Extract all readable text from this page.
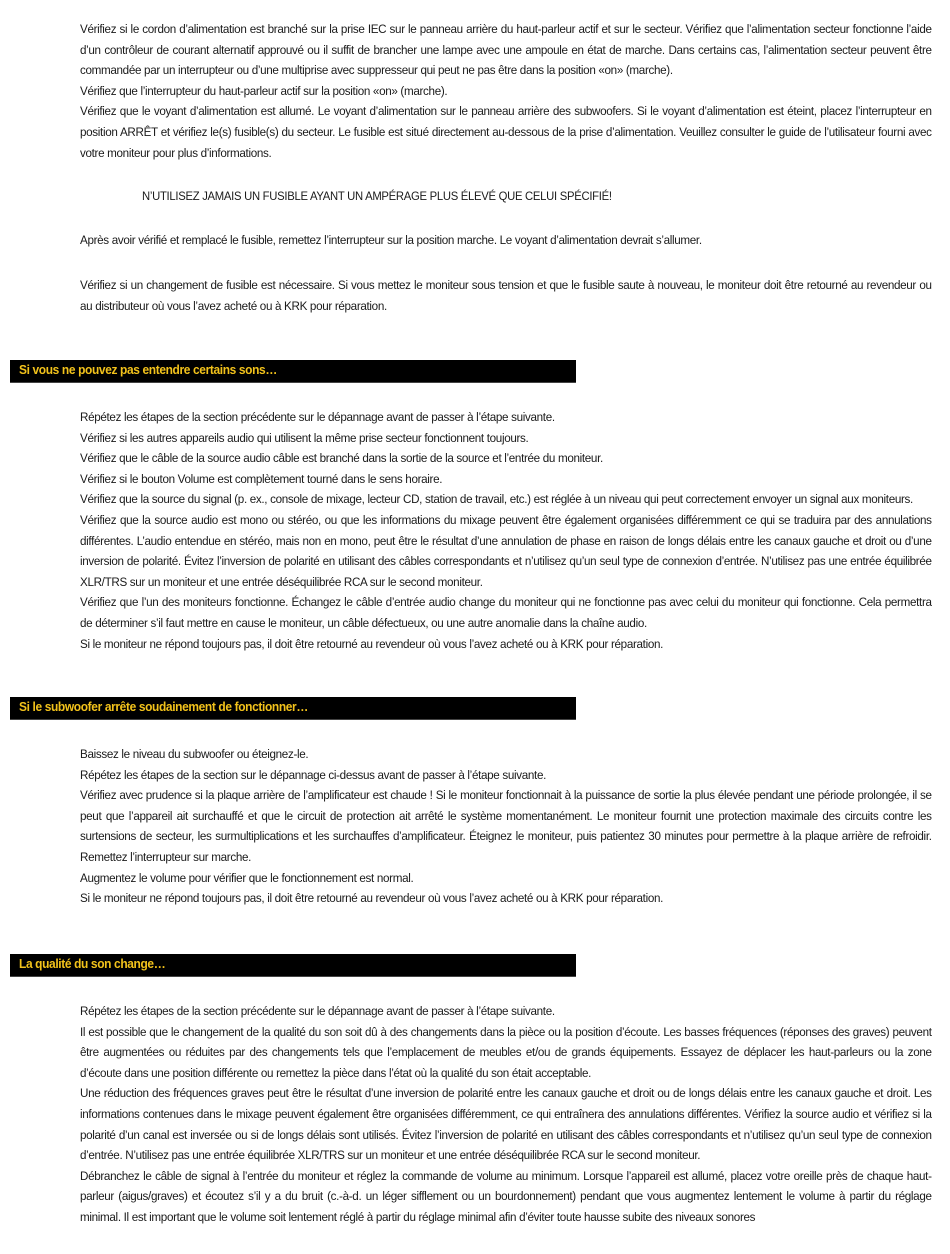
Vérifiez si le cordon d’alimentation est branché sur la prise IEC sur le panneau arrière du haut-parleur actif et sur le secteur. Vérifiez que l’alimentation secteur fonctionne l’aide d’un contrôleur de courant alternatif approuvé ou il suffit de brancher une lampe avec une ampoule en état de marche. Dans certains cas, l’alimentation secteur peuvent être commandée par un interrupteur ou d’une multiprise avec suppresseur qui peut ne pas être dans la position «on» (marche).

Vérifiez que l’interrupteur du haut-parleur actif sur la position «on» (marche).

Vérifiez que le voyant d’alimentation est allumé. Le voyant d’alimentation sur le panneau arrière des subwoofers. Si le voyant d’alimentation est éteint, placez l’interrupteur en position ARRÊT et vérifiez le(s) fusible(s) du secteur. Le fusible est situé directement au-dessous de la prise d’alimentation. Veuillez consulter le guide de l’utilisateur fourni avec votre moniteur pour plus d’informations.

N’UTILISEZ JAMAIS UN FUSIBLE AYANT UN AMPÉRAGE PLUS ÉLEVÉ QUE CELUI SPÉCIFIÉ!

Après avoir vérifié et remplacé le fusible, remettez l’interrupteur sur la position marche. Le voyant d’alimentation devrait s’allumer.

Vérifiez si un changement de fusible est nécessaire. Si vous mettez le moniteur sous tension et que le fusible saute à nouveau, le moniteur doit être retourné au revendeur ou au distributeur où vous l’avez acheté ou à KRK pour réparation.

Si vous ne pouvez pas entendre certains sons…

Répétez les étapes de la section précédente sur le dépannage avant de passer à l’étape suivante.

Vérifiez si les autres appareils audio qui utilisent la même prise secteur fonctionnent toujours.

Vérifiez que le câble de la source audio câble est branché dans la sortie de la source et l’entrée du moniteur.

Vérifiez si le bouton Volume est complètement tourné dans le sens horaire.

Vérifiez que la source du signal (p. ex., console de mixage, lecteur CD, station de travail, etc.) est réglée à un niveau qui peut correctement envoyer un signal aux moniteurs.

Vérifiez que la source audio est mono ou stéréo, ou que les informations du mixage peuvent être également organisées différemment ce qui se traduira par des annulations différentes. L’audio entendue en stéréo, mais non en mono, peut être le résultat d’une annulation de phase en raison de longs délais entre les canaux gauche et droit ou d’une inversion de polarité. Évitez l’inversion de polarité en utilisant des câbles correspondants et n’utilisez qu’un seul type de connexion d’entrée. N’utilisez pas une entrée équilibrée XLR/TRS sur un moniteur et une entrée déséquilibrée RCA sur le second moniteur.

Vérifiez que l’un des moniteurs fonctionne. Échangez le câble d’entrée audio change du moniteur qui ne fonctionne pas avec celui du moniteur qui fonctionne. Cela permettra de déterminer s’il faut mettre en cause le moniteur, un câble défectueux, ou une autre anomalie dans la chaîne audio.

Si le moniteur ne répond toujours pas, il doit être retourné au revendeur où vous l’avez acheté ou à KRK pour réparation.

Si le subwoofer arrête soudainement de fonctionner…

Baissez le niveau du subwoofer ou éteignez-le.

Répétez les étapes de la section sur le dépannage ci-dessus avant de passer à l’étape suivante.

Vérifiez avec prudence si la plaque arrière de l’amplificateur est chaude ! Si le moniteur fonctionnait à la puissance de sortie la plus élevée pendant une période prolongée, il se peut que l’appareil ait surchauffé et que le circuit de protection ait arrêté le système momentanément. Le moniteur fournit une protection maximale des circuits contre les surtensions de secteur, les surmultiplications et les surchauffes d’amplificateur. Éteignez le moniteur, puis patientez 30 minutes pour permettre à la plaque arrière de refroidir. Remettez l’interrupteur sur marche.

Augmentez le volume pour vérifier que le fonctionnement est normal.

Si le moniteur ne répond toujours pas, il doit être retourné au revendeur où vous l’avez acheté ou à KRK pour réparation.

La qualité du son change…

Répétez les étapes de la section précédente sur le dépannage avant de passer à l’étape suivante.

Il est possible que le changement de la qualité du son soit dû à des changements dans la pièce ou la position d’écoute. Les basses fréquences (réponses des graves) peuvent être augmentées ou réduites par des changements tels que l’emplacement de meubles et/ou de grands équipements. Essayez de déplacer les haut-parleurs ou la zone d’écoute dans une position différente ou remettez la pièce dans l’état où la qualité du son était acceptable.

Une réduction des fréquences graves peut être le résultat d’une inversion de polarité entre les canaux gauche et droit ou de longs délais entre les canaux gauche et droit. Les informations contenues dans le mixage peuvent également être organisées différemment, ce qui entraînera des annulations différentes. Vérifiez la source audio et vérifiez si la polarité d’un canal est inversée ou si de longs délais sont utilisés. Évitez l’inversion de polarité en utilisant des câbles correspondants et n’utilisez qu’un seul type de connexion d’entrée. N’utilisez pas une entrée équilibrée XLR/TRS sur un moniteur et une entrée déséquilibrée RCA sur le second moniteur.

Débranchez le câble de signal à l’entrée du moniteur et réglez la commande de volume au minimum. Lorsque l’appareil est allumé, placez votre oreille près de chaque haut-parleur (aigus/graves) et écoutez s’il y a du bruit (c.-à-d. un léger sifflement ou un bourdonnement) pendant que vous augmentez lentement le volume à partir du réglage minimal. Il est important que le volume soit lentement réglé à partir du réglage minimal afin d’éviter toute hausse subite des niveaux sonores
